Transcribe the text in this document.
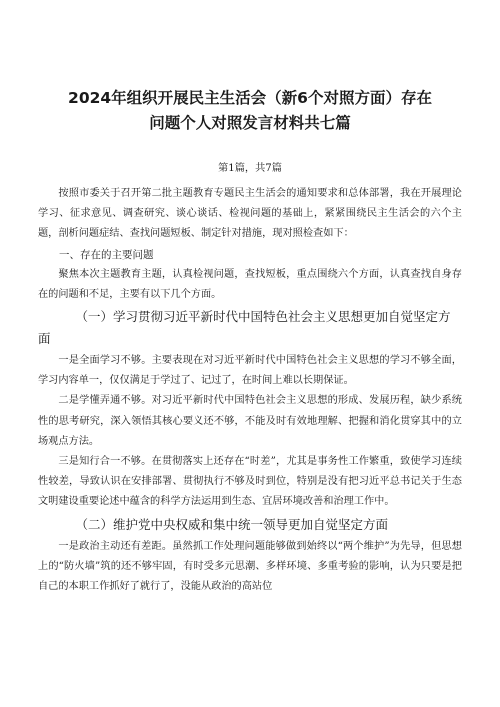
2024年组织开展民主生活会（新6个对照方面）存在
问题个人对照发言材料共七篇

第1篇，共7篇

按照市委关于召开第二批主题教育专题民主生活会的通知要求和总体部署，我在开展理论学习、征求意见、调查研究、谈心谈话、检视问题的基础上，紧紧围绕民主生活会的六个主题，剖析问题症结、查找问题短板、制定针对措施，现对照检查如下：

一、存在的主要问题

聚焦本次主题教育主题，认真检视问题，查找短板，重点围绕六个方面，认真查找自身存在的问题和不足，主要有以下几个方面。

（一）学习贯彻习近平新时代中国特色社会主义思想更加自觉坚定方面

一是全面学习不够。主要表现在对习近平新时代中国特色社会主义思想的学习不够全面，学习内容单一，仅仅满足于学过了、记过了，在时间上难以长期保证。

二是学懂弄通不够。对习近平新时代中国特色社会主义思想的形成、发展历程，缺少系统性的思考研究，深入领悟其核心要义还不够，不能及时有效地理解、把握和消化贯穿其中的立场观点方法。

三是知行合一不够。在贯彻落实上还存在“时差”，尤其是事务性工作繁重，致使学习连续性较差，导致认识在安排部署、贯彻执行不够及时到位，特别是没有把习近平总书记关于生态文明建设重要论述中蕴含的科学方法运用到生态、宜居环境改善和治理工作中。

（二）维护党中央权威和集中统一领导更加自觉坚定方面

一是政治主动还有差距。虽然抓工作处理问题能够做到始终以“两个维护”为先导，但思想上的“防火墙”筑的还不够牢固，有时受多元思潮、多样环境、多重考验的影响，认为只要是把自己的本职工作抓好了就行了，没能从政治的高站位
